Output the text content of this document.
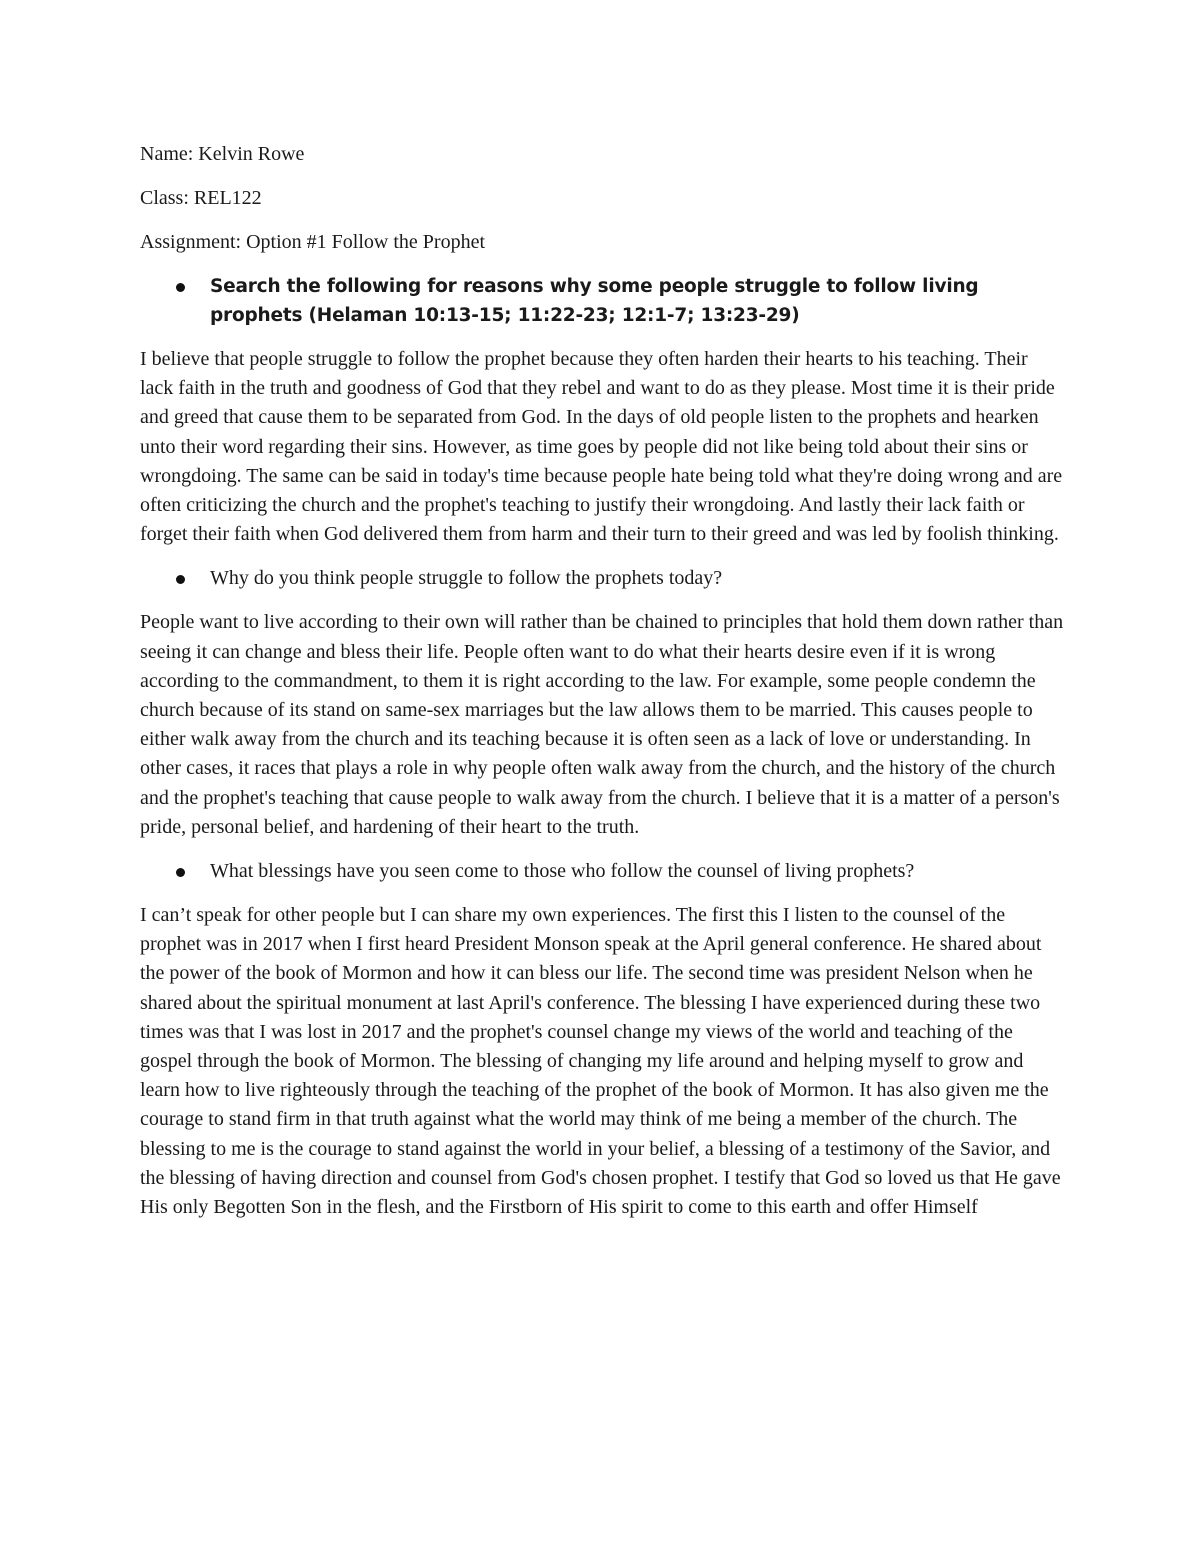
Name: Kelvin Rowe
Class: REL122
Assignment: Option #1 Follow the Prophet
Search the following for reasons why some people struggle to follow living prophets (Helaman 10:13-15; 11:22-23; 12:1-7; 13:23-29)

I believe that people struggle to follow the prophet because they often harden their hearts to his teaching. Their lack faith in the truth and goodness of God that they rebel and want to do as they please. Most time it is their pride and greed that cause them to be separated from God. In the days of old people listen to the prophets and hearken unto their word regarding their sins. However, as time goes by people did not like being told about their sins or wrongdoing. The same can be said in today's time because people hate being told what they're doing wrong and are often criticizing the church and the prophet's teaching to justify their wrongdoing. And lastly their lack faith or forget their faith when God delivered them from harm and their turn to their greed and was led by foolish thinking.

Why do you think people struggle to follow the prophets today?

People want to live according to their own will rather than be chained to principles that hold them down rather than seeing it can change and bless their life. People often want to do what their hearts desire even if it is wrong according to the commandment, to them it is right according to the law. For example, some people condemn the church because of its stand on same-sex marriages but the law allows them to be married. This causes people to either walk away from the church and its teaching because it is often seen as a lack of love or understanding. In other cases, it races that plays a role in why people often walk away from the church, and the history of the church and the prophet's teaching that cause people to walk away from the church. I believe that it is a matter of a person's pride, personal belief, and hardening of their heart to the truth.

What blessings have you seen come to those who follow the counsel of living prophets?

I can’t speak for other people but I can share my own experiences. The first this I listen to the counsel of the prophet was in 2017 when I first heard President Monson speak at the April general conference. He shared about the power of the book of Mormon and how it can bless our life. The second time was president Nelson when he shared about the spiritual monument at last April's conference. The blessing I have experienced during these two times was that I was lost in 2017 and the prophet's counsel change my views of the world and teaching of the gospel through the book of Mormon. The blessing of changing my life around and helping myself to grow and learn how to live righteously through the teaching of the prophet of the book of Mormon. It has also given me the courage to stand firm in that truth against what the world may think of me being a member of the church. The blessing to me is the courage to stand against the world in your belief, a blessing of a testimony of the Savior, and the blessing of having direction and counsel from God's chosen prophet. I testify that God so loved us that He gave His only Begotten Son in the flesh, and the Firstborn of His spirit to come to this earth and offer Himself
